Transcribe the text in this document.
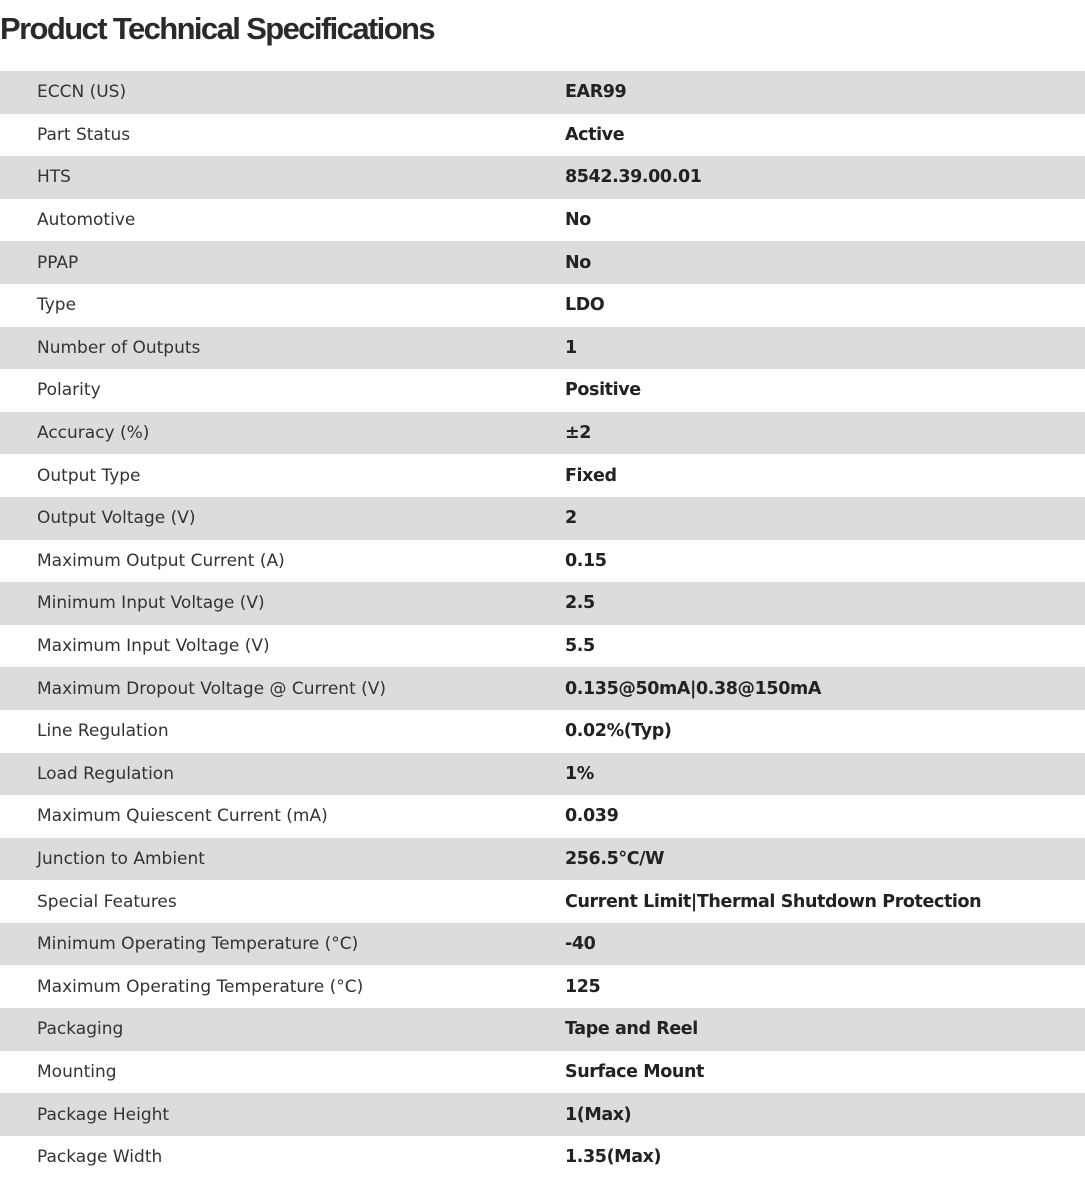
Product Technical Specifications
ECCN (US)	EAR99
Part Status	Active
HTS	8542.39.00.01
Automotive	No
PPAP	No
Type	LDO
Number of Outputs	1
Polarity	Positive
Accuracy (%)	±2
Output Type	Fixed
Output Voltage (V)	2
Maximum Output Current (A)	0.15
Minimum Input Voltage (V)	2.5
Maximum Input Voltage (V)	5.5
Maximum Dropout Voltage @ Current (V)	0.135@50mA|0.38@150mA
Line Regulation	0.02%(Typ)
Load Regulation	1%
Maximum Quiescent Current (mA)	0.039
Junction to Ambient	256.5°C/W
Special Features	Current Limit|Thermal Shutdown Protection
Minimum Operating Temperature (°C)	-40
Maximum Operating Temperature (°C)	125
Packaging	Tape and Reel
Mounting	Surface Mount
Package Height	1(Max)
Package Width	1.35(Max)
